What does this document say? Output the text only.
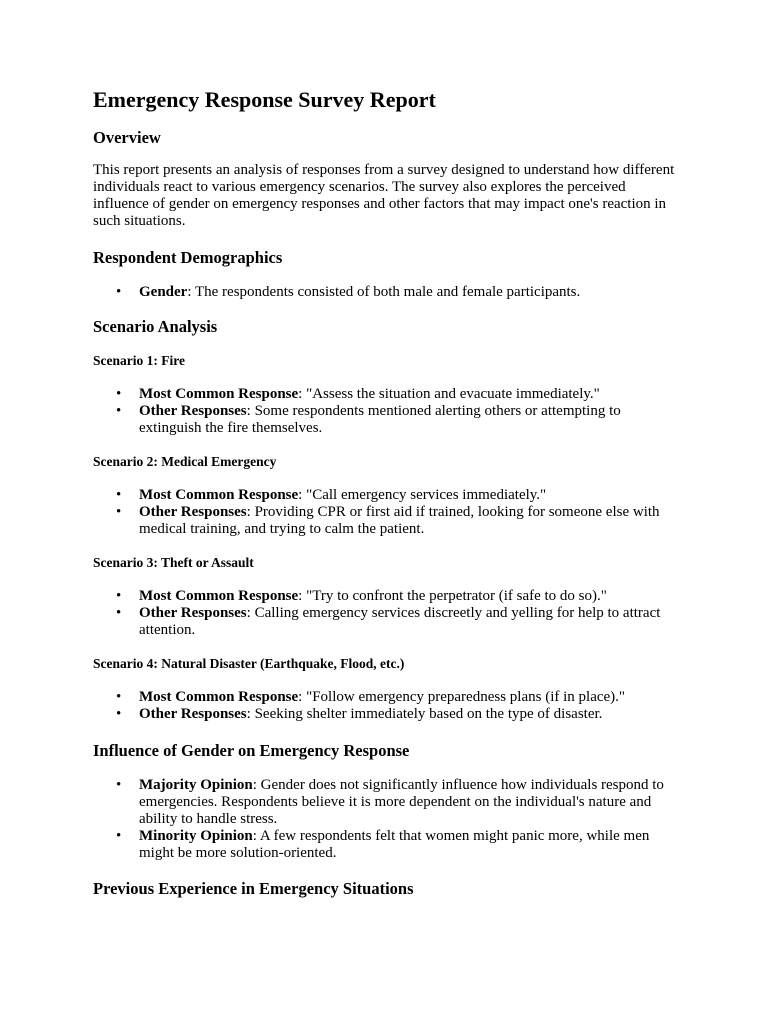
Emergency Response Survey Report
Overview

This report presents an analysis of responses from a survey designed to understand how different individuals react to various emergency scenarios. The survey also explores the perceived influence of gender on emergency responses and other factors that may impact one's reaction in such situations.

Respondent Demographics
• Gender: The respondents consisted of both male and female participants.
Scenario Analysis
Scenario 1: Fire
• Most Common Response: "Assess the situation and evacuate immediately."
• Other Responses: Some respondents mentioned alerting others or attempting to extinguish the fire themselves.
Scenario 2: Medical Emergency
• Most Common Response: "Call emergency services immediately."
• Other Responses: Providing CPR or first aid if trained, looking for someone else with medical training, and trying to calm the patient.
Scenario 3: Theft or Assault
• Most Common Response: "Try to confront the perpetrator (if safe to do so)."
• Other Responses: Calling emergency services discreetly and yelling for help to attract attention.
Scenario 4: Natural Disaster (Earthquake, Flood, etc.)
• Most Common Response: "Follow emergency preparedness plans (if in place)."
• Other Responses: Seeking shelter immediately based on the type of disaster.
Influence of Gender on Emergency Response
• Majority Opinion: Gender does not significantly influence how individuals respond to emergencies. Respondents believe it is more dependent on the individual's nature and ability to handle stress.
• Minority Opinion: A few respondents felt that women might panic more, while men might be more solution-oriented.
Previous Experience in Emergency Situations
